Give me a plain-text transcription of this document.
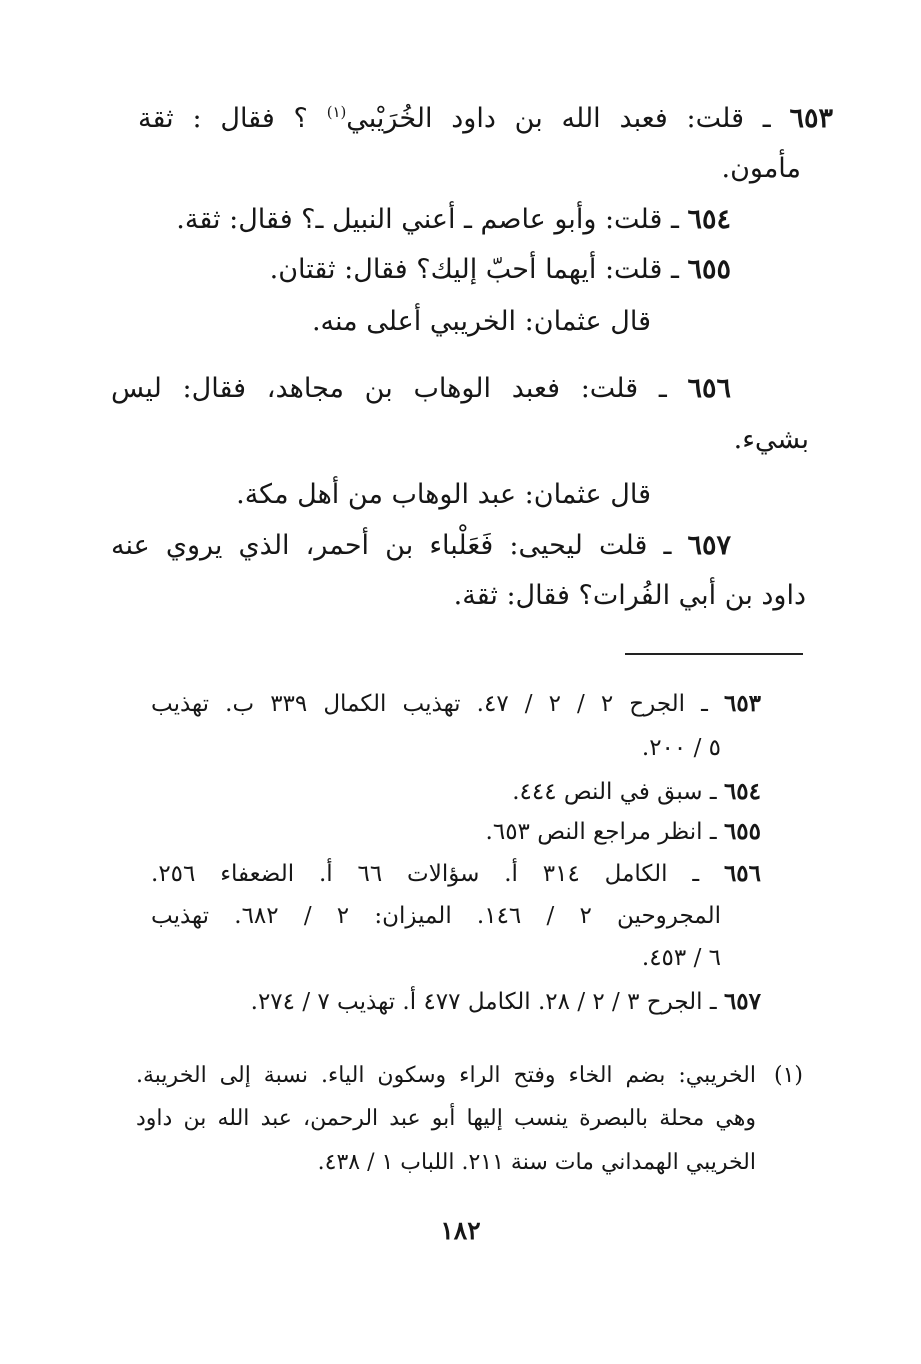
٦٥٣ ـ قلت: فعبد الله بن داود الخُرَيْبي$^{(١)}$ ؟ فقال : ثقة
مأمون.
٦٥٤ ـ قلت: وأبو عاصم ـ أعني النبيل ـ؟ فقال: ثقة.
٦٥٥ ـ قلت: أيهما أحبّ إليك؟ فقال: ثقتان.
قال عثمان: الخريبي أعلى منه.
٦٥٦ ـ قلت: فعبد الوهاب بن مجاهد، فقال: ليس
بشيء.
قال عثمان: عبد الوهاب من أهل مكة.
٦٥٧ ـ قلت ليحيى: فَعَلْباء بن أحمر، الذي يروي عنه
داود بن أبي الفُرات؟ فقال: ثقة.
٦٥٣ ـ الجرح ٢ / ٢ / ٤٧. تهذيب الكمال ٣٣٩ ب. تهذيب
٥ / ٢٠٠.
٦٥٤ ـ سبق في النص ٤٤٤.
٦٥٥ ـ انظر مراجع النص ٦٥٣.
٦٥٦ ـ الكامل ٣١٤ أ. سؤالات ٦٦ أ. الضعفاء ٢٥٦.
المجروحين ٢ / ١٤٦. الميزان: ٢ / ٦٨٢. تهذيب
٦ / ٤٥٣.
٦٥٧ ـ الجرح ٣ / ٢ / ٢٨. الكامل ٤٧٧ أ. تهذيب ٧ / ٢٧٤.
(١)
الخريبي: بضم الخاء وفتح الراء وسكون الياء. نسبة إلى الخريبة.
وهي محلة بالبصرة ينسب إليها أبو عبد الرحمن، عبد الله بن داود
الخريبي الهمداني مات سنة ٢١١. اللباب ١ / ٤٣٨.
١٨٢
